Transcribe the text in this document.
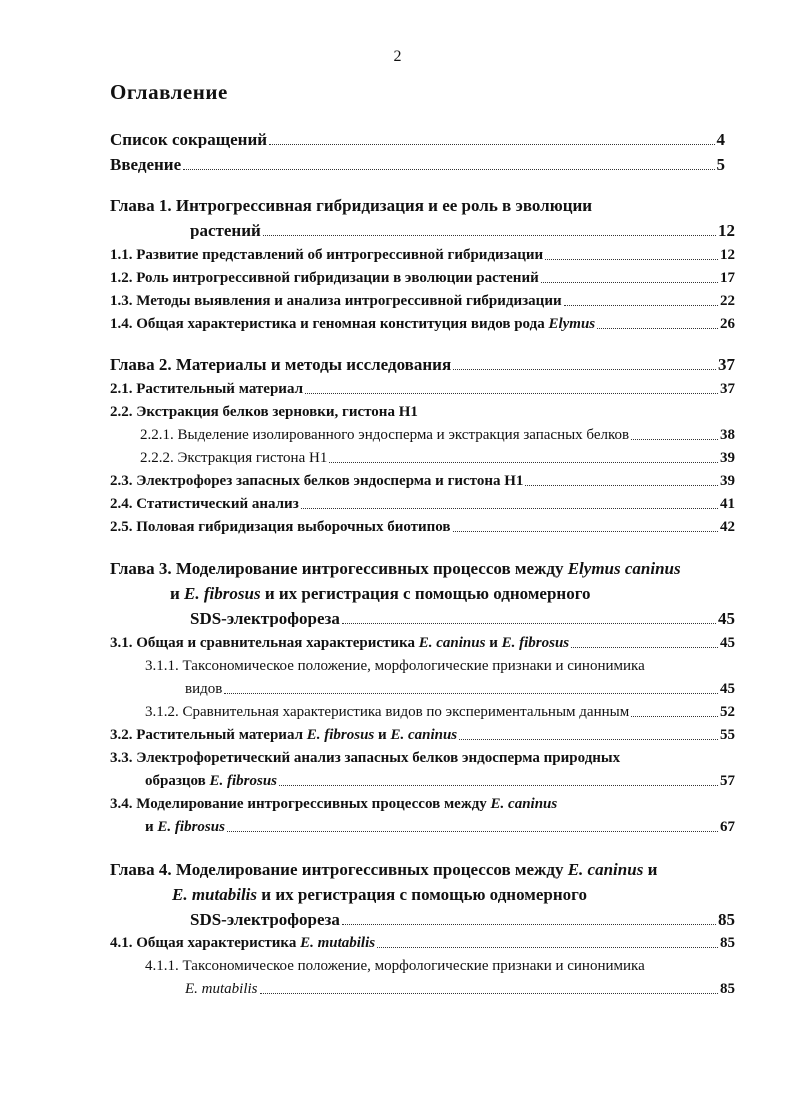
2
Оглавление
Список сокращений	4
Введение	5
Глава 1. Интрогрессивная гибридизация и ее роль в эволюции
растений	12
1.1. Развитие представлений об интрогрессивной гибридизации	12
1.2. Роль интрогрессивной гибридизации в эволюции растений	17
1.3. Методы выявления и анализа интрогрессивной гибридизации	22
1.4. Общая характеристика и геномная конституция видов рода Elymus	26
Глава 2. Материалы и методы исследования	37
2.1. Растительный материал	37
2.2. Экстракция белков зерновки, гистона Н1
2.2.1. Выделение изолированного эндосперма и экстракция запасных белков	38
2.2.2. Экстракция гистона Н1	39
2.3. Электрофорез запасных белков эндосперма и гистона Н1	39
2.4. Статистический анализ	41
2.5. Половая гибридизация выборочных биотипов	42
Глава 3. Моделирование интрогессивных процессов между Elymus caninus
и E. fibrosus и их регистрация с помощью одномерного
SDS-электрофореза	45
3.1. Общая и сравнительная характеристика E. caninus и E. fibrosus	45
3.1.1. Таксономическое положение, морфологические признаки и синонимика
видов	45
3.1.2. Сравнительная характеристика видов по экспериментальным данным	52
3.2. Растительный материал E. fibrosus и E. caninus	55
3.3. Электрофоретический анализ запасных белков эндосперма природных
образцов E. fibrosus	57
3.4. Моделирование интрогрессивных процессов между E. caninus
и E. fibrosus	67
Глава 4. Моделирование интрогессивных процессов между E. caninus и
E. mutabilis и их регистрация с помощью одномерного
SDS-электрофореза	85
4.1. Общая характеристика E. mutabilis	85
4.1.1. Таксономическое положение, морфологические признаки и синонимика
E. mutabilis	85
